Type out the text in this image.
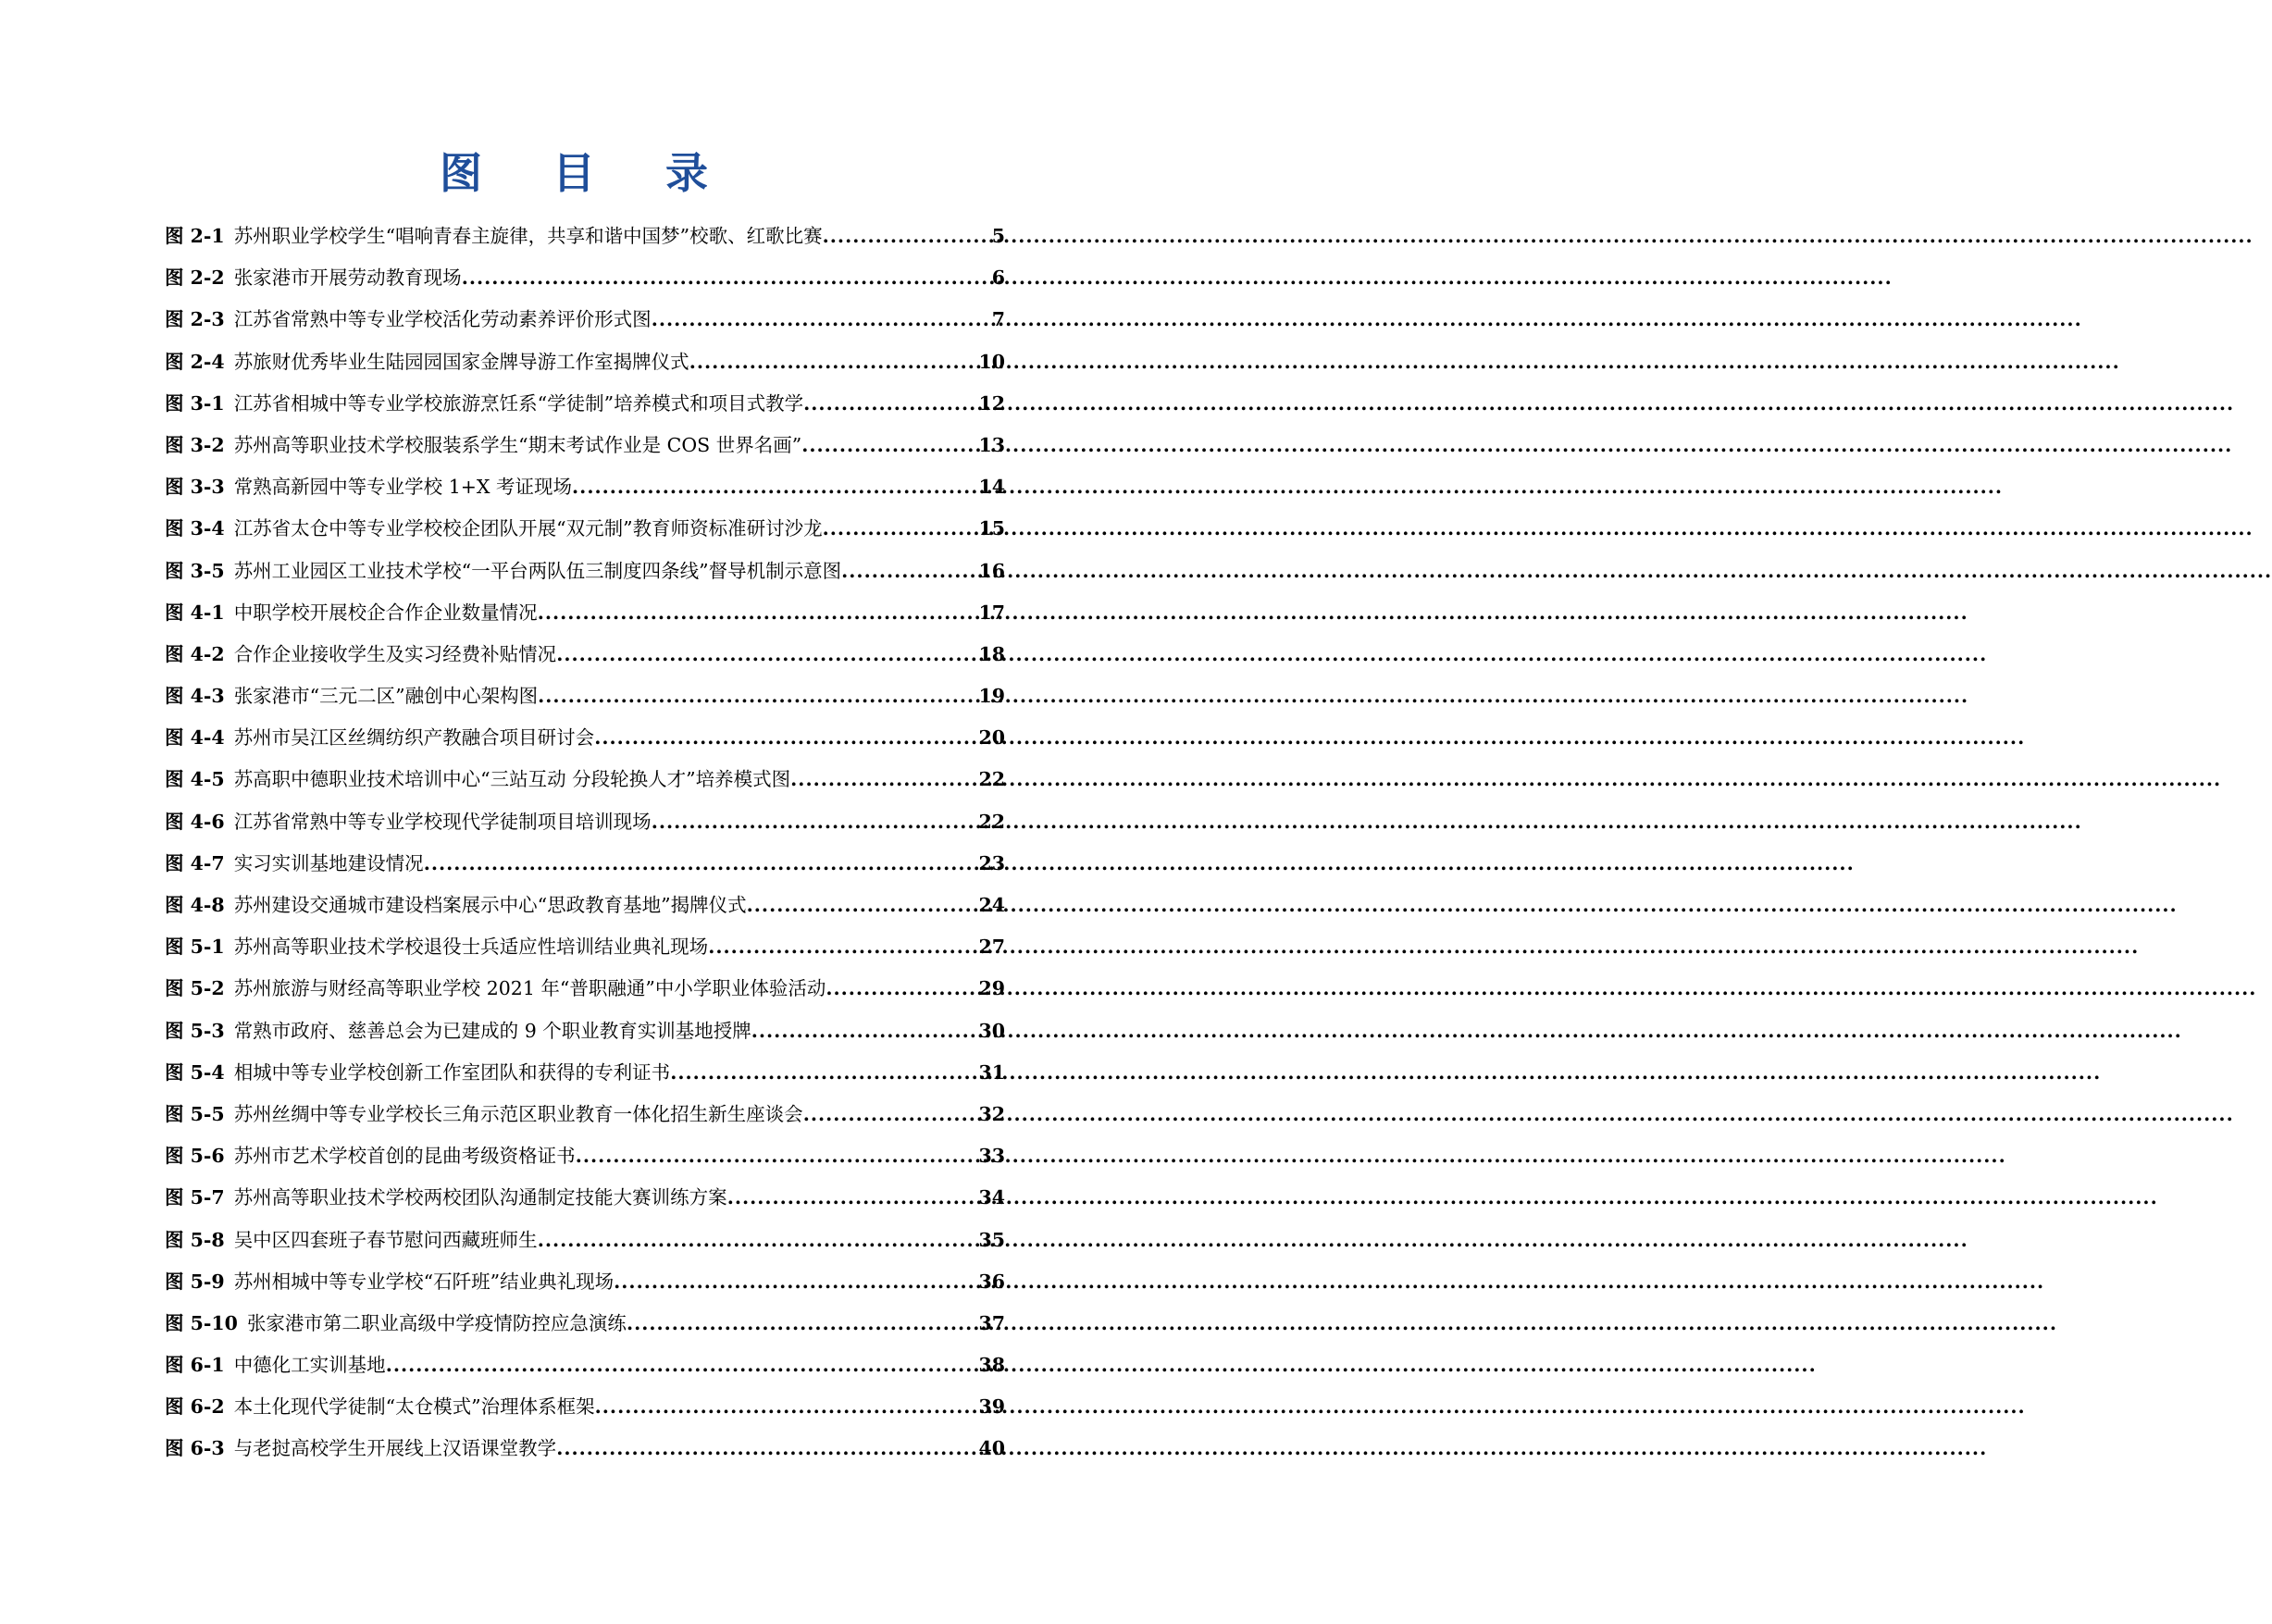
图 目 录
图 2-1 苏州职业学校学生“唱响青春主旋律，共享和谐中国梦”校歌、红歌比赛 .....	5
图 2-2 张家港市开展劳动教育现场 .....	6
图 2-3 江苏省常熟中等专业学校活化劳动素养评价形式图 .....	7
图 2-4 苏旅财优秀毕业生陆园园国家金牌导游工作室揭牌仪式 .....	10
图 3-1 江苏省相城中等专业学校旅游烹饪系“学徒制”培养模式和项目式教学 .....	12
图 3-2 苏州高等职业技术学校服装系学生“期末考试作业是 COS 世界名画” .....	13
图 3-3 常熟高新园中等专业学校 1+X 考证现场 .....	14
图 3-4 江苏省太仓中等专业学校校企团队开展“双元制”教育师资标准研讨沙龙 .....	15
图 3-5 苏州工业园区工业技术学校“一平台两队伍三制度四条线”督导机制示意图 .....	16
图 4-1 中职学校开展校企合作企业数量情况 .....	17
图 4-2 合作企业接收学生及实习经费补贴情况 .....	18
图 4-3 张家港市“三元二区”融创中心架构图 .....	19
图 4-4 苏州市吴江区丝绸纺织产教融合项目研讨会 .....	20
图 4-5 苏高职中德职业技术培训中心“三站互动 分段轮换人才”培养模式图 .....	22
图 4-6 江苏省常熟中等专业学校现代学徒制项目培训现场 .....	22
图 4-7 实习实训基地建设情况 .....	23
图 4-8 苏州建设交通城市建设档案展示中心“思政教育基地”揭牌仪式 .....	24
图 5-1 苏州高等职业技术学校退役士兵适应性培训结业典礼现场 .....	27
图 5-2 苏州旅游与财经高等职业学校 2021 年“普职融通”中小学职业体验活动 .....	29
图 5-3 常熟市政府、慈善总会为已建成的 9 个职业教育实训基地授牌 .....	30
图 5-4 相城中等专业学校创新工作室团队和获得的专利证书 .....	31
图 5-5 苏州丝绸中等专业学校长三角示范区职业教育一体化招生新生座谈会 .....	32
图 5-6 苏州市艺术学校首创的昆曲考级资格证书 .....	33
图 5-7 苏州高等职业技术学校两校团队沟通制定技能大赛训练方案 .....	34
图 5-8 吴中区四套班子春节慰问西藏班师生 .....	35
图 5-9 苏州相城中等专业学校“石阡班”结业典礼现场 .....	36
图 5-10 张家港市第二职业高级中学疫情防控应急演练 .....	37
图 6-1 中德化工实训基地 .....	38
图 6-2 本土化现代学徒制“太仓模式”治理体系框架 .....	39
图 6-3 与老挝高校学生开展线上汉语课堂教学 .....	40
